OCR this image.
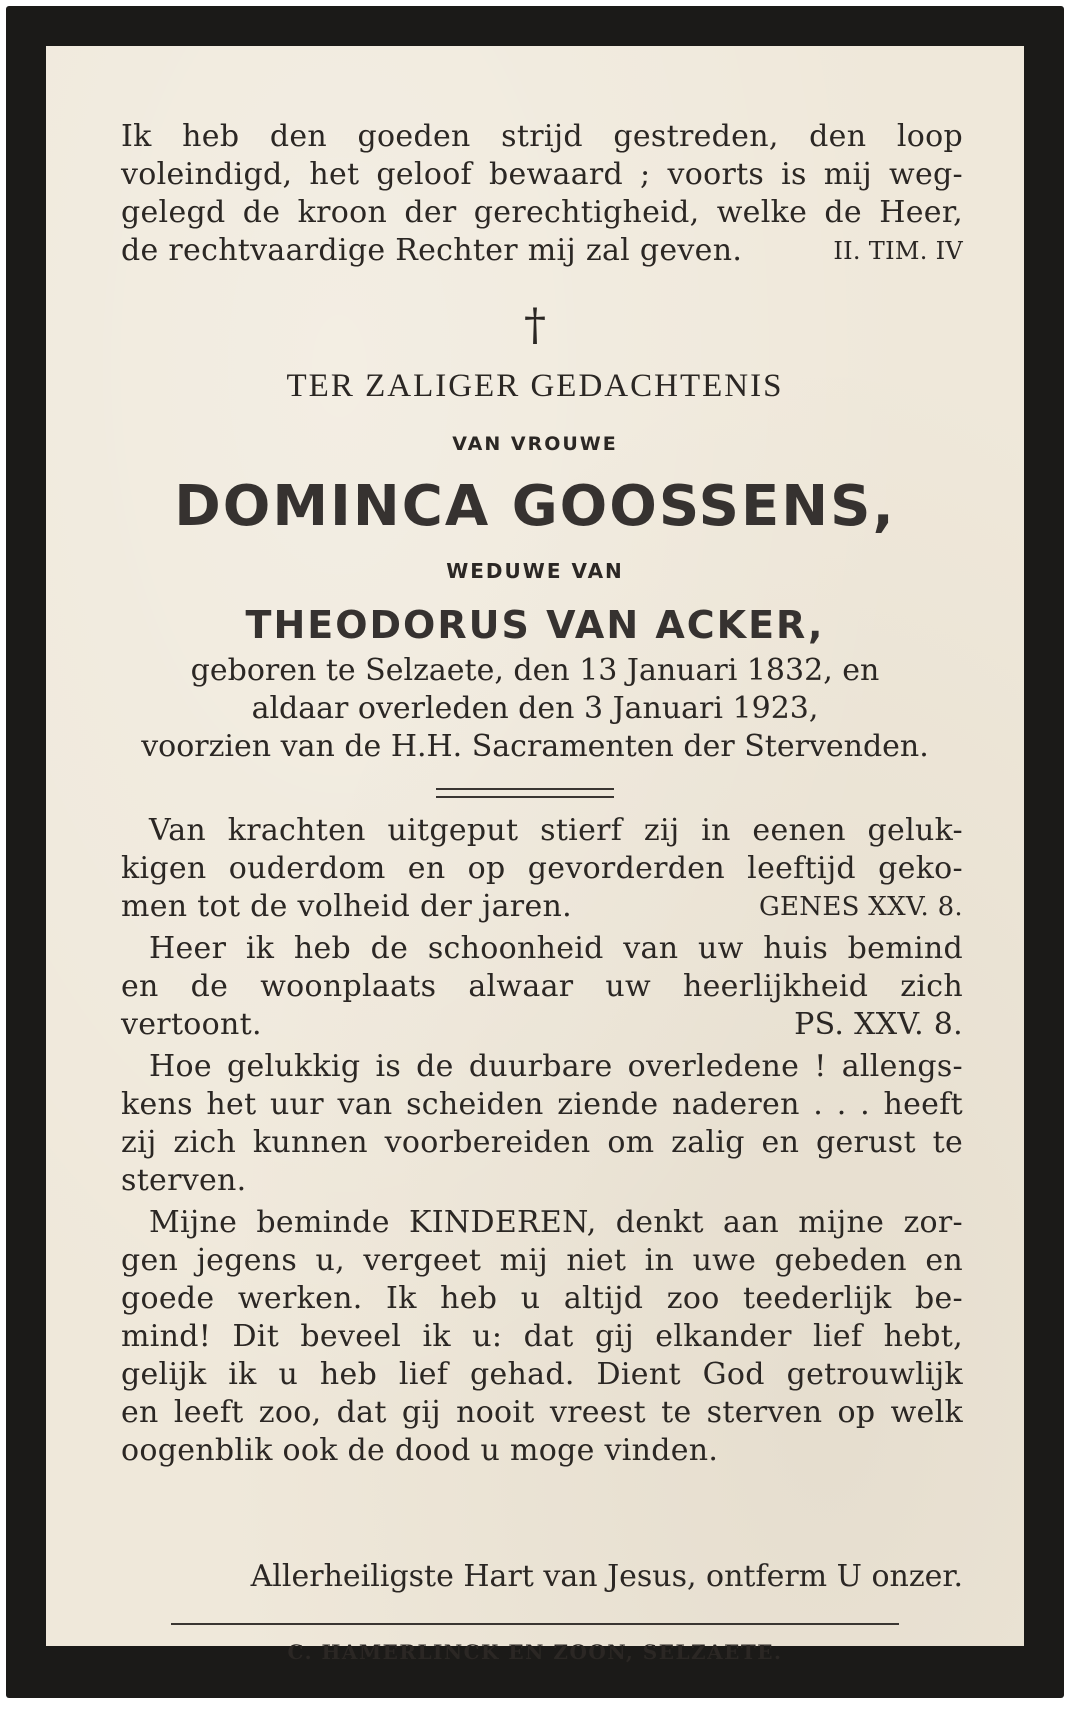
Ik heb den goeden strijd gestreden, den loop
voleindigd, het geloof bewaard ; voorts is mij weg-
gelegd de kroon der gerechtigheid, welke de Heer,
de rechtvaardige Rechter mij zal geven.	II. TIM. IV
†
TER ZALIGER GEDACHTENIS
VAN VROUWE
DOMINCA GOOSSENS,
WEDUWE VAN
THEODORUS VAN ACKER,
geboren te Selzaete, den 13 Januari 1832, en
aldaar overleden den 3 Januari 1923,
voorzien van de H.H. Sacramenten der Stervenden.
Van krachten uitgeput stierf zij in eenen geluk-
kigen ouderdom en op gevorderden leeftijd geko-
men tot de volheid der jaren.	GENES XXV. 8.
Heer ik heb de schoonheid van uw huis bemind
en de woonplaats alwaar uw heerlijkheid zich
vertoont.	PS. XXV. 8.
Hoe gelukkig is de duurbare overledene ! allengs-
kens het uur van scheiden ziende naderen . . . heeft
zij zich kunnen voorbereiden om zalig en gerust te
sterven.
Mijne beminde KINDEREN, denkt aan mijne zor-
gen jegens u, vergeet mij niet in uwe gebeden en
goede werken. Ik heb u altijd zoo teederlijk be-
mind! Dit beveel ik u: dat gij elkander lief hebt,
gelijk ik u heb lief gehad. Dient God getrouwlijk
en leeft zoo, dat gij nooit vreest te sterven op welk
oogenblik ook de dood u moge vinden.
Allerheiligste Hart van Jesus, ontferm U onzer.
C. HAMERLINCK EN ZOON, SELZAETE.
